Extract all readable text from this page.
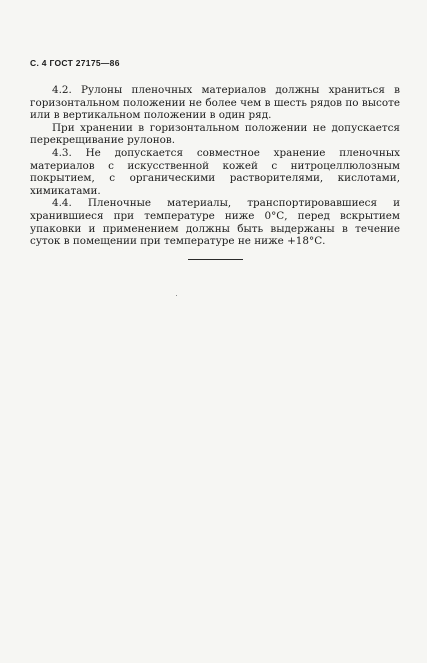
С. 4 ГОСТ 27175—86

4.2. Рулоны пленочных материалов должны храниться в горизонтальном положении не более чем в шесть рядов по высоте или в вертикальном положении в один ряд.

При хранении в горизонтальном положении не допускается перекрещивание рулонов.

4.3. Не допускается совместное хранение пленочных материалов с искусственной кожей с нитроцеллюлозным покрытием, с органическими растворителями, кислотами, химикатами.

4.4. Пленочные материалы, транспортировавшиеся и хранившиеся при температуре ниже 0°С, перед вскрытием упаковки и применением должны быть выдержаны в течение суток в помещении при температуре не ниже +18°С.
